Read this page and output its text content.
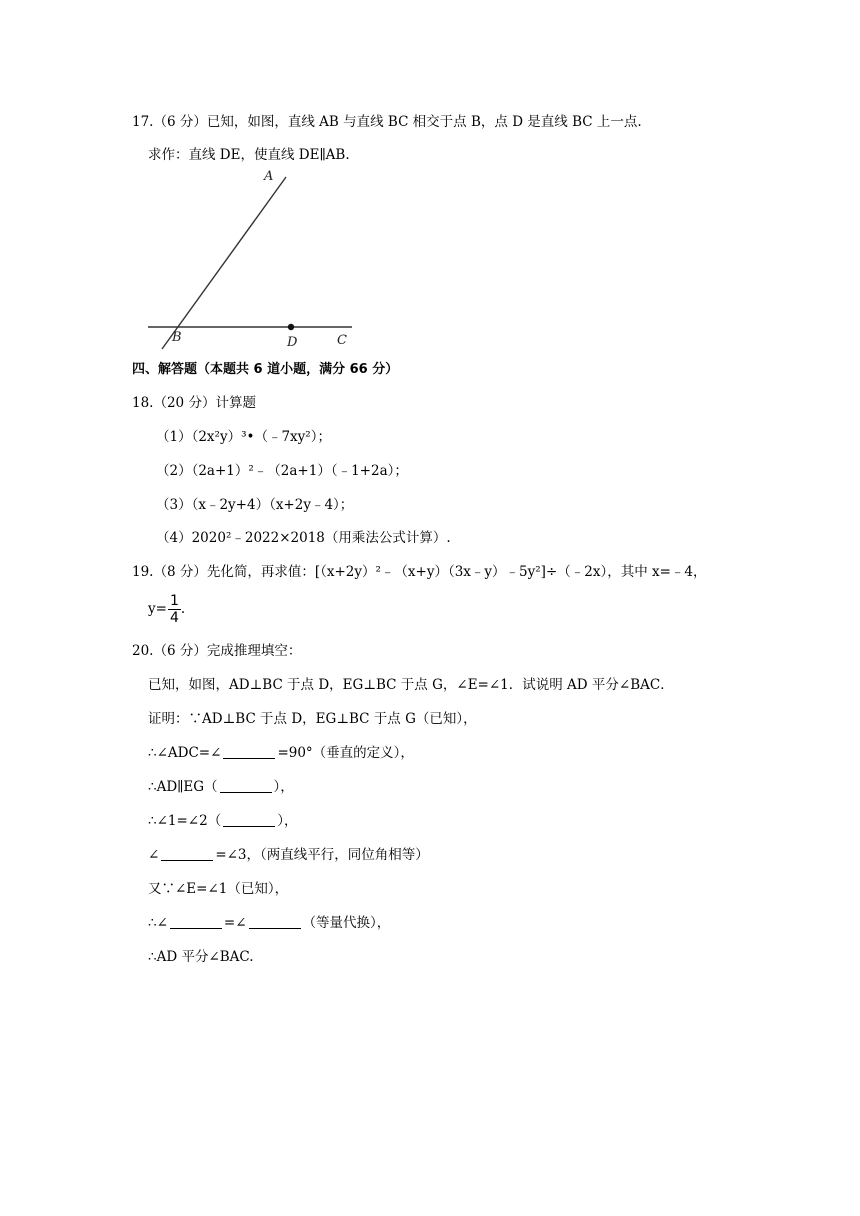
17.（6 分）已知，如图，直线 AB 与直线 BC 相交于点 B，点 D 是直线 BC 上一点.
求作：直线 DE，使直线 DE∥AB.
A
B	D	C
四、解答题（本题共 6 道小题，满分 66 分）
18.（20 分）计算题
（1）（2x²y）³•（﹣7xy²）；
（2）（2a+1）²﹣（2a+1）（﹣1+2a）；
（3）（x﹣2y+4）（x+2y﹣4）；
（4）2020²﹣2022×2018（用乘法公式计算）.
19.（8 分）先化简，再求值：[（x+2y）²﹣（x+y）（3x﹣y）﹣5y²]÷（﹣2x），其中 x=﹣4，
$y= \frac{1}{4}$ .
20.（6 分）完成推理填空：
已知，如图，AD⊥BC 于点 D，EG⊥BC 于点 G，∠E=∠1．试说明 AD 平分∠BAC．
证明：∵AD⊥BC 于点 D，EG⊥BC 于点 G（已知），
∴∠ADC=∠	=90°（垂直的定义），
∴AD∥EG（	），
∴∠1=∠2（	），
∠	=∠3，（两直线平行，同位角相等）
又∵∠E=∠1（已知），
∴∠	=∠	（等量代换），
∴AD 平分∠BAC.
